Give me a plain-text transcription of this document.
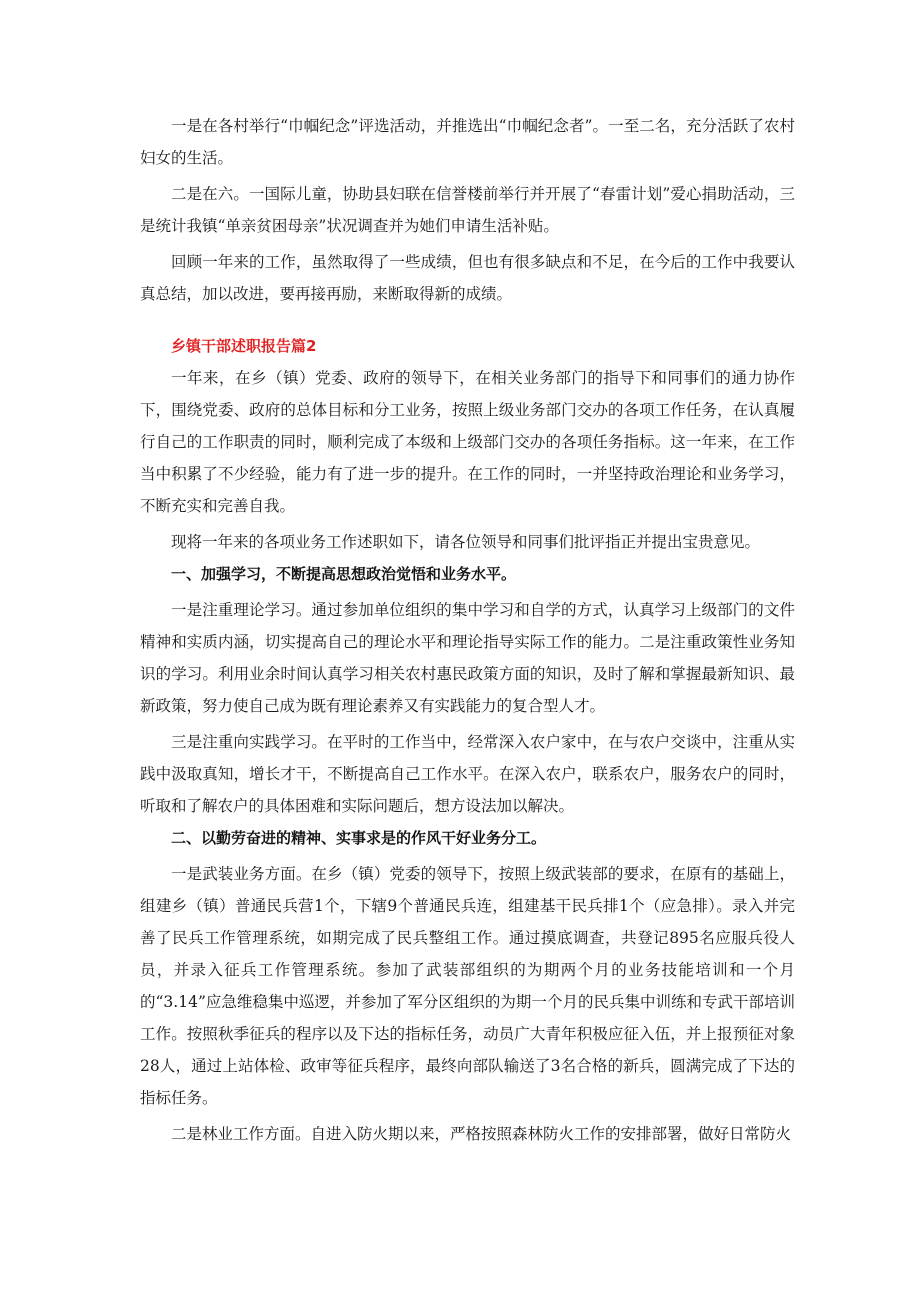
一是在各村举行“巾帼纪念”评选活动，并推选出“巾帼纪念者”。一至二名，充分活跃了农村妇女的生活。

二是在六。一国际儿童，协助县妇联在信誉楼前举行并开展了“春雷计划”爱心捐助活动，三是统计我镇“单亲贫困母亲”状况调查并为她们申请生活补贴。

回顾一年来的工作，虽然取得了一些成绩，但也有很多缺点和不足，在今后的工作中我要认真总结，加以改进，要再接再励，来断取得新的成绩。

乡镇干部述职报告篇2

一年来，在乡（镇）党委、政府的领导下，在相关业务部门的指导下和同事们的通力协作下，围绕党委、政府的总体目标和分工业务，按照上级业务部门交办的各项工作任务，在认真履行自己的工作职责的同时，顺利完成了本级和上级部门交办的各项任务指标。这一年来，在工作当中积累了不少经验，能力有了进一步的提升。在工作的同时，一并坚持政治理论和业务学习，不断充实和完善自我。

现将一年来的各项业务工作述职如下，请各位领导和同事们批评指正并提出宝贵意见。

一、加强学习，不断提高思想政治觉悟和业务水平。

一是注重理论学习。通过参加单位组织的集中学习和自学的方式，认真学习上级部门的文件精神和实质内涵，切实提高自己的理论水平和理论指导实际工作的能力。二是注重政策性业务知识的学习。利用业余时间认真学习相关农村惠民政策方面的知识，及时了解和掌握最新知识、最新政策，努力使自己成为既有理论素养又有实践能力的复合型人才。

三是注重向实践学习。在平时的工作当中，经常深入农户家中，在与农户交谈中，注重从实践中汲取真知，增长才干，不断提高自己工作水平。在深入农户，联系农户，服务农户的同时，听取和了解农户的具体困难和实际问题后，想方设法加以解决。

二、以勤劳奋进的精神、实事求是的作风干好业务分工。

一是武装业务方面。在乡（镇）党委的领导下，按照上级武装部的要求，在原有的基础上，组建乡（镇）普通民兵营1个，下辖9个普通民兵连，组建基干民兵排1个（应急排）。录入并完善了民兵工作管理系统，如期完成了民兵整组工作。通过摸底调查，共登记895名应服兵役人员，并录入征兵工作管理系统。参加了武装部组织的为期两个月的业务技能培训和一个月的“3.14”应急维稳集中巡逻，并参加了军分区组织的为期一个月的民兵集中训练和专武干部培训工作。按照秋季征兵的程序以及下达的指标任务，动员广大青年积极应征入伍，并上报预征对象28人，通过上站体检、政审等征兵程序，最终向部队输送了3名合格的新兵，圆满完成了下达的指标任务。

二是林业工作方面。自进入防火期以来，严格按照森林防火工作的安排部署，做好日常防火
